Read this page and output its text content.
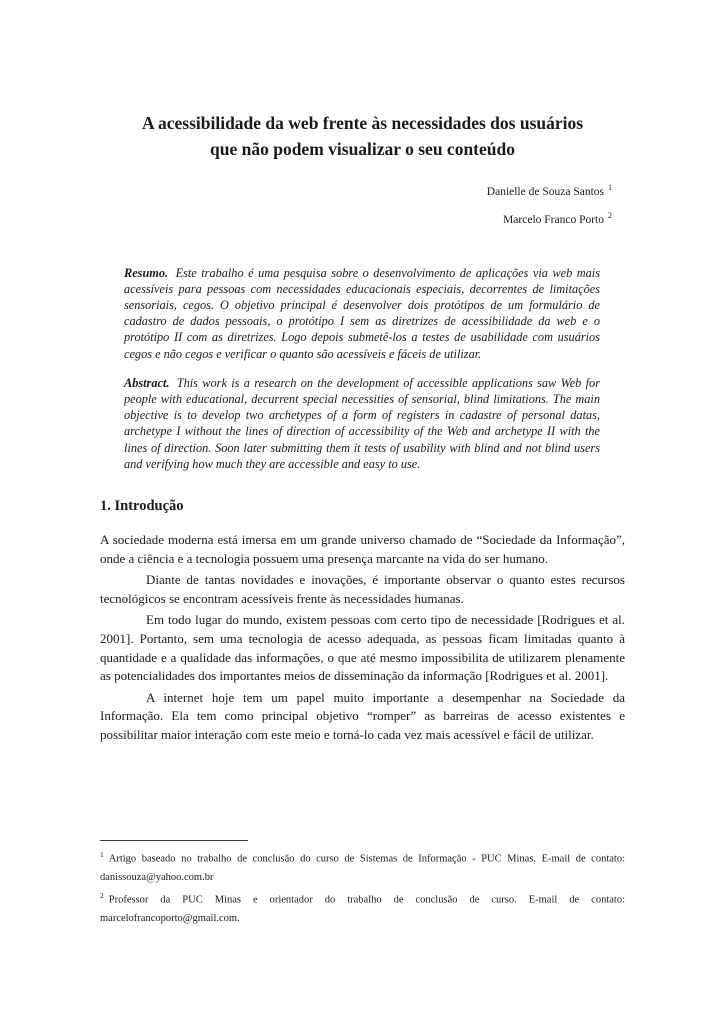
A acessibilidade da web frente às necessidades dos usuários
que não podem visualizar o seu conteúdo
Danielle de Souza Santos $^1$
Marcelo Franco Porto $^2$

Resumo. Este trabalho é uma pesquisa sobre o desenvolvimento de aplicações via web mais acessíveis para pessoas com necessidades educacionais especiais, decorrentes de limitações sensoriais, cegos. O objetivo principal é desenvolver dois protótipos de um formulário de cadastro de dados pessoais, o protótipo I sem as diretrizes de acessibilidade da web e o protótipo II com as diretrizes. Logo depois submetê-los a testes de usabilidade com usuários cegos e não cegos e verificar o quanto são acessíveis e fáceis de utilizar.

Abstract. This work is a research on the development of accessible applications saw Web for people with educational, decurrent special necessities of sensorial, blind limitations. The main objective is to develop two archetypes of a form of registers in cadastre of personal datas, archetype I without the lines of direction of accessibility of the Web and archetype II with the lines of direction. Soon later submitting them it tests of usability with blind and not blind users and verifying how much they are accessible and easy to use.

1. Introdução

A sociedade moderna está imersa em um grande universo chamado de “Sociedade da Informação”, onde a ciência e a tecnologia possuem uma presença marcante na vida do ser humano.

Diante de tantas novidades e inovações, é importante observar o quanto estes recursos tecnológicos se encontram acessíveis frente às necessidades humanas.

Em todo lugar do mundo, existem pessoas com certo tipo de necessidade [Rodrigues et al. 2001]. Portanto, sem uma tecnologia de acesso adequada, as pessoas ficam limitadas quanto à quantidade e a qualidade das informações, o que até mesmo impossibilita de utilizarem plenamente as potencialidades dos importantes meios de disseminação da informação [Rodrigues et al. 2001].

A internet hoje tem um papel muito importante a desempenhar na Sociedade da Informação. Ela tem como principal objetivo “romper” as barreiras de acesso existentes e possibilitar maior interação com este meio e torná-lo cada vez mais acessível e fácil de utilizar.

$^1$ Artigo baseado no trabalho de conclusão do curso de Sistemas de Informação - PUC Minas. E-mail de contato: danissouza@yahoo.com.br

$^2$ Professor da PUC Minas e orientador do trabalho de conclusão de curso. E-mail de contato: marcelofrancoporto@gmail.com.
